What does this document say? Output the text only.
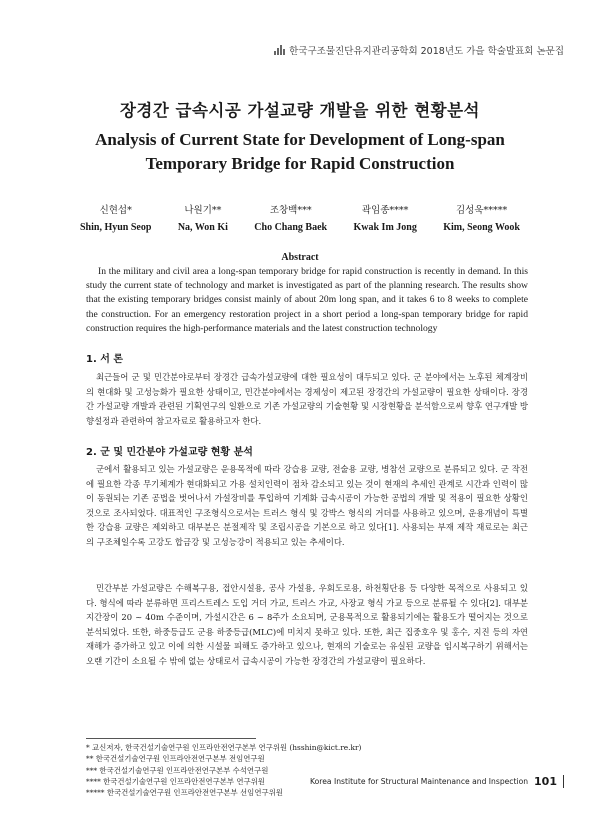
한국구조물진단유지관리공학회 2018년도 가을 학술발표회 논문집
장경간 급속시공 가설교량 개발을 위한 현황분석
Analysis of Current State for Development of Long-span Temporary Bridge for Rapid Construction
신현섭*
Shin, Hyun Seop
나원기**
Na, Won Ki
조창백***
Cho Chang Baek
곽임종****
Kwak Im Jong
김성욱*****
Kim, Seong Wook
Abstract

In the military and civil area a long-span temporary bridge for rapid construction is recently in demand. In this study the current state of technology and market is investigated as part of the planning research. The results show that the existing temporary bridges consist mainly of about 20m long span, and it takes 6 to 8 weeks to complete the construction. For an emergency restoration project in a short period a long-span temporary bridge for rapid construction requires the high-performance materials and the latest construction technology

1. 서 론

최근들어 군 및 민간분야로부터 장경간 급속가설교량에 대한 필요성이 대두되고 있다. 군 분야에서는 노후된 체계장비의 현대화 및 고성능화가 필요한 상태이고, 민간분야에서는 경제성이 제고된 장경간의 가설교량이 필요한 상태이다. 장경간 가설교량 개발과 관련된 기획연구의 일환으로 기존 가설교량의 기술현황 및 시장현황을 분석함으로써 향후 연구개발 방향설정과 관련하여 참고자료로 활용하고자 한다.

2. 군 및 민간분야 가설교량 현황 분석

군에서 활용되고 있는 가설교량은 운용목적에 따라 강습용 교량, 전술용 교량, 병참선 교량으로 분류되고 있다. 군 작전에 필요한 각종 무기체계가 현대화되고 가용 설치인력이 점차 감소되고 있는 것이 현재의 추세인 관계로 시간과 인력이 많이 동원되는 기존 공법을 벗어나서 가설장비를 투입하여 기계화 급속시공이 가능한 공법의 개발 및 적용이 필요한 상황인 것으로 조사되었다. 대표적인 구조형식으로서는 트러스 형식 및 강박스 형식의 거더를 사용하고 있으며, 운용개념이 특별한 강습용 교량은 제외하고 대부분은 분절제작 및 조립시공을 기본으로 하고 있다[1]. 사용되는 부재 제작 재료로는 최근의 구조체일수록 고강도 합금강 및 고성능강이 적용되고 있는 추세이다.

민간부분 가설교량은 수해복구용, 접안시설용, 공사 가설용, 우회도로용, 하천횡단용 등 다양한 목적으로 사용되고 있다. 형식에 따라 분류하면 프리스트레스 도입 거더 가교, 트러스 가교, 사장교 형식 가교 등으로 분류될 수 있다[2]. 대부분 지간장이 20 ~ 40m 수준이며, 가설시간은 6 ~ 8주가 소요되며, 군용목적으로 활용되기에는 활용도가 떨어지는 것으로 분석되었다. 또한, 하중등급도 군용 하중등급(MLC)에 미치지 못하고 있다. 또한, 최근 집중호우 및 홍수, 지진 등의 자연재해가 증가하고 있고 이에 의한 시설물 피해도 증가하고 있으나, 현재의 기술로는 유실된 교량을 임시복구하기 위해서는 오랜 기간이 소요될 수 밖에 없는 상태로서 급속시공이 가능한 장경간의 가설교량이 필요하다.

* 교신저자, 한국건설기술연구원 인프라안전연구본부 연구위원 (hsshin@kict.re.kr)
** 한국건설기술연구원 인프라안전연구본부 전임연구원
*** 한국건설기술연구원 인프라안전연구본부 수석연구원
**** 한국건설기술연구원 인프라안전연구본부 연구위원
***** 한국건설기술연구원 인프라안전연구본부 선임연구위원
Korea Institute for Structural Maintenance and Inspection 101
